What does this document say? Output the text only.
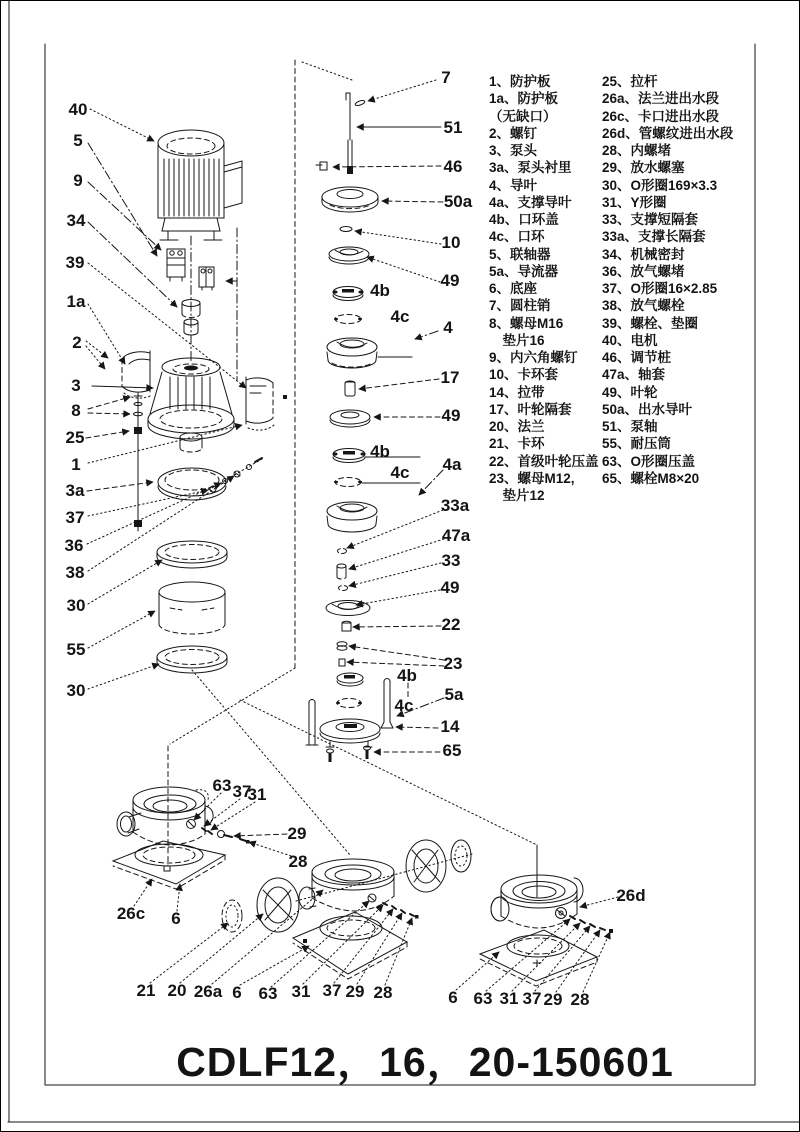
1、防护板
1a、防护板
（无缺口）
2、螺钉
3、泵头
3a、泵头衬里
4、导叶
4a、支撑导叶
4b、口环盖
4c、口环
5、联轴器
5a、导流器
6、底座
7、圆柱销
8、螺母M16
　垫片16
9、内六角螺钉
10、卡环套
14、拉带
17、叶轮隔套
20、法兰
21、卡环
22、首级叶轮压盖
23、螺母M12,
　垫片12
25、拉杆
26a、法兰进出水段
26c、卡口进出水段
26d、管螺纹进出水段
28、内螺堵
29、放水螺塞
30、O形圈169×3.3
31、Y形圈
33、支撑短隔套
33a、支撑长隔套
34、机械密封
36、放气螺堵
37、O形圈16×2.85
38、放气螺栓
39、螺栓、垫圈
40、电机
46、调节桩
47a、轴套
49、叶轮
50a、出水导叶
51、泵轴
55、耐压筒
63、O形圈压盖
65、螺栓M8×20
40
5
9
34
39
1a
2
3
8
25
1
3a
37
36
38
30
55
30
7
51
46
50a
10
49
4b
4c
4
17
49
4b
4a
4c
33a
47a
33
49
22
23
4b
5a
4c
14
65
63 37
31
29
28
26c 6
21 20 26a 6 63 31 37 29 28
26d
6 63 31 37 29 28
CDLF12，16，20-150601
